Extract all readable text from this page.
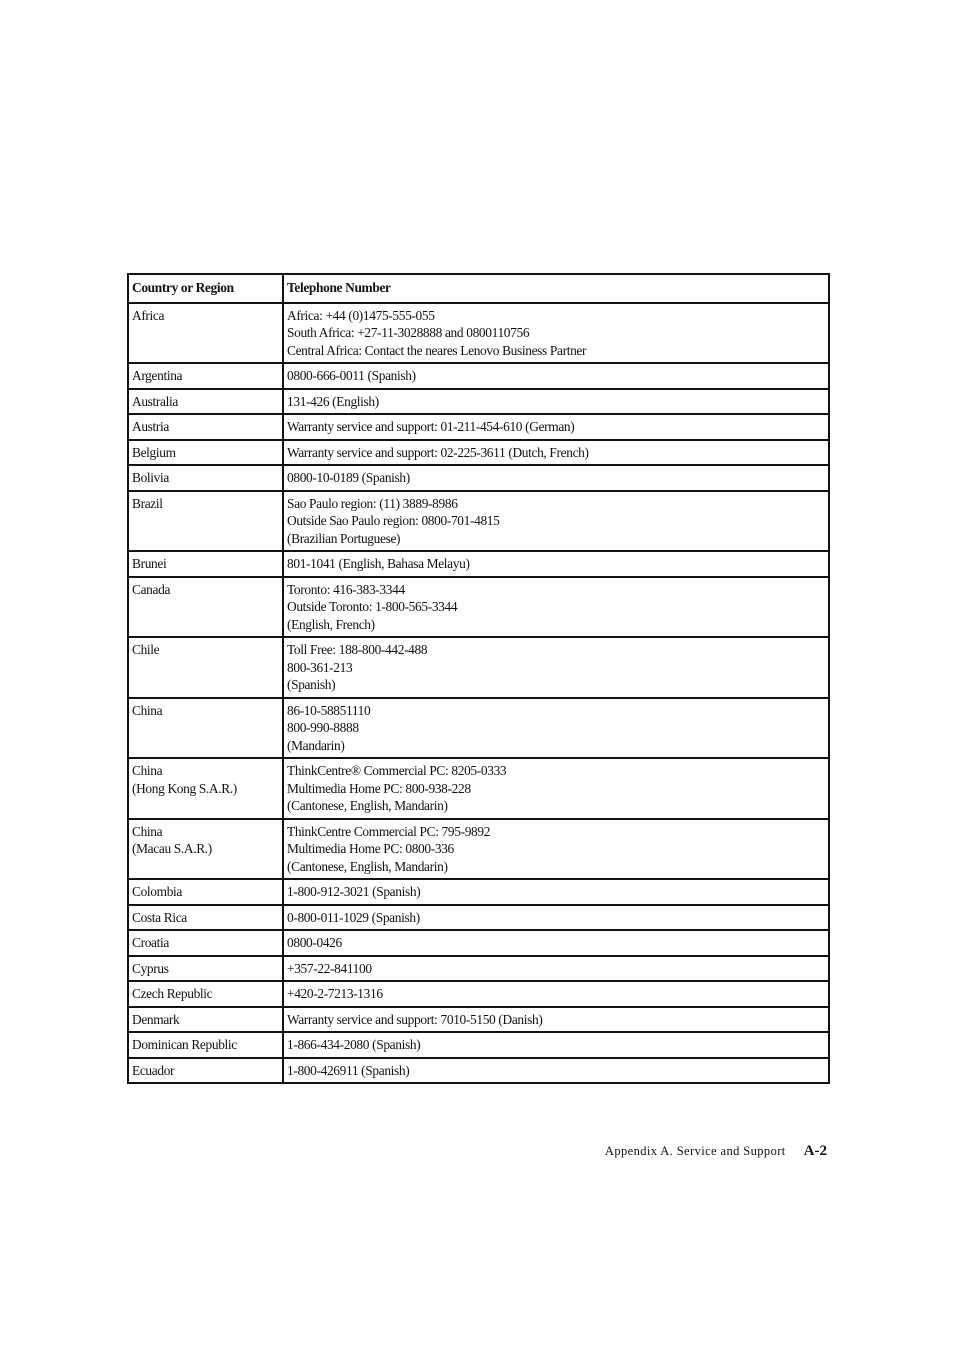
Country or Region	Telephone Number

Africa	Africa: +44 (0)1475-555-055
South Africa: +27-11-3028888 and 0800110756
Central Africa: Contact the neares Lenovo Business Partner

Argentina	0800-666-0011 (Spanish)

Australia	131-426 (English)

Austria	Warranty service and support: 01-211-454-610 (German)

Belgium	Warranty service and support: 02-225-3611 (Dutch, French)

Bolivia	0800-10-0189 (Spanish)

Brazil	Sao Paulo region: (11) 3889-8986
Outside Sao Paulo region: 0800-701-4815
(Brazilian Portuguese)

Brunei	801-1041 (English, Bahasa Melayu)

Canada	Toronto: 416-383-3344
Outside Toronto: 1-800-565-3344
(English, French)

Chile	Toll Free: 188-800-442-488
800-361-213
(Spanish)

China	86-10-58851110
800-990-8888
(Mandarin)

China
(Hong Kong S.A.R.)	ThinkCentre® Commercial PC: 8205-0333
Multimedia Home PC: 800-938-228
(Cantonese, English, Mandarin)

China
(Macau S.A.R.)	ThinkCentre Commercial PC: 795-9892
Multimedia Home PC: 0800-336
(Cantonese, English, Mandarin)

Colombia	1-800-912-3021 (Spanish)

Costa Rica	0-800-011-1029 (Spanish)

Croatia	0800-0426

Cyprus	+357-22-841100

Czech Republic	+420-2-7213-1316

Denmark	Warranty service and support: 7010-5150 (Danish)

Dominican Republic	1-866-434-2080 (Spanish)

Ecuador	1-800-426911 (Spanish)
Appendix A. Service and Support A-2
